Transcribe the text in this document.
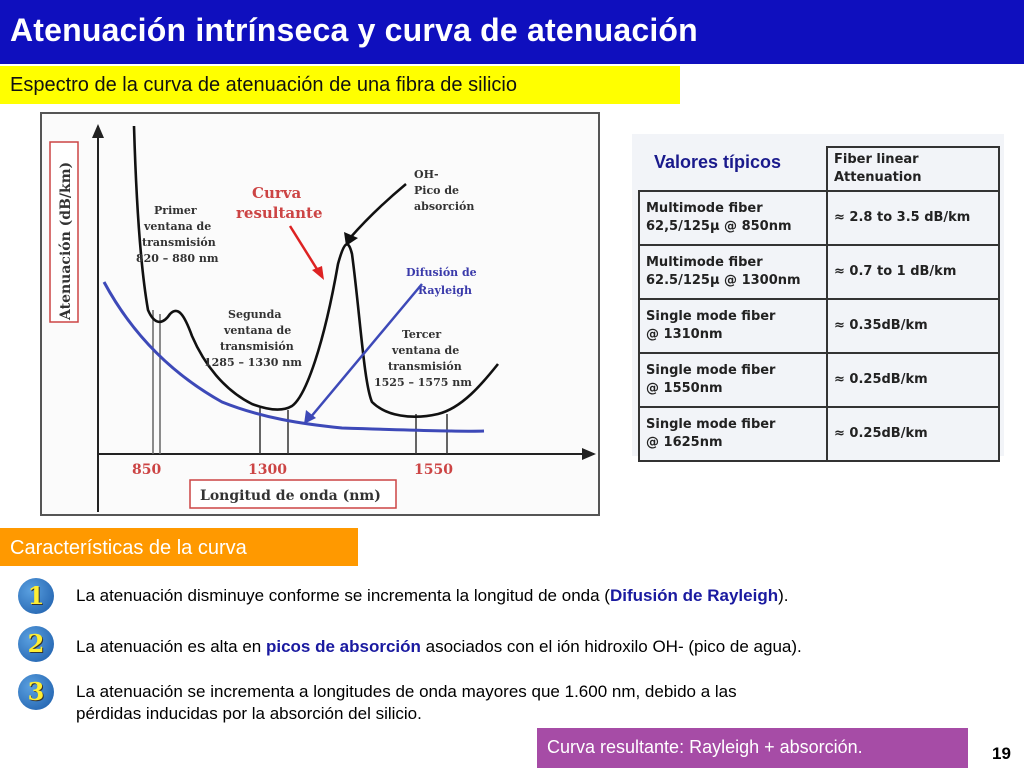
Atenuación intrínseca y curva de atenuación
Espectro de la curva de atenuación de una fibra de silicio
Atenuación (dB/km)
850	1300	1550
Longitud de onda (nm)
Primer
ventana de
transmisión
820 – 880 nm
Segunda
ventana de
transmisión
1285 – 1330 nm
Tercer
ventana de
transmisión
1525 – 1575 nm
Curva
resultante
OH-
Pico de
absorción
Difusión de
Rayleigh

	Fiber linear
Attenuation

Multimode fiber
62,5/125μ @ 850nm	≈ 2.8 to 3.5 dB/km

Multimode fiber
62.5/125μ @ 1300nm	≈ 0.7 to 1 dB/km

Single mode fiber
@ 1310nm	≈ 0.35dB/km

Single mode fiber
@ 1550nm	≈ 0.25dB/km

Single mode fiber
@ 1625nm	≈ 0.25dB/km
Valores típicos
Características de la curva
1	La atenuación disminuye conforme se incrementa la longitud de onda (Difusión de Rayleigh).
2	La atenuación es alta en picos de absorción asociados con el ión hidroxilo OH- (pico de agua).
3	La atenuación se incrementa a longitudes de onda mayores que 1.600 nm, debido a las
pérdidas inducidas por la absorción del silicio.
Curva resultante: Rayleigh + absorción.	19
